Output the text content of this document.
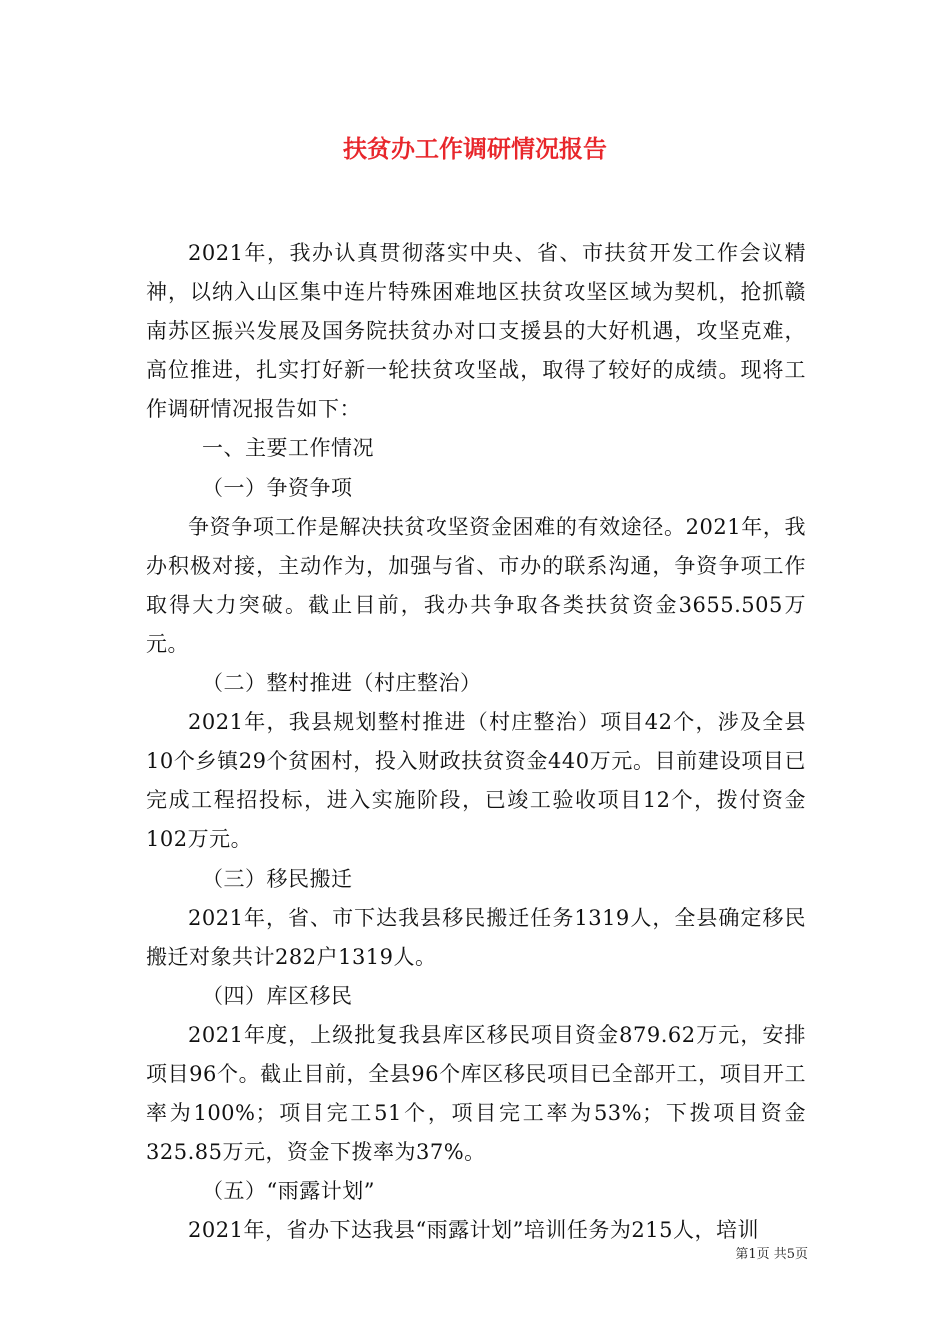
扶贫办工作调研情况报告

2021年，我办认真贯彻落实中央、省、市扶贫开发工作会议精神，以纳入山区集中连片特殊困难地区扶贫攻坚区域为契机，抢抓赣南苏区振兴发展及国务院扶贫办对口支援县的大好机遇，攻坚克难，高位推进，扎实打好新一轮扶贫攻坚战，取得了较好的成绩。现将工作调研情况报告如下：

一、主要工作情况

（一）争资争项

争资争项工作是解决扶贫攻坚资金困难的有效途径。2021年，我办积极对接，主动作为，加强与省、市办的联系沟通，争资争项工作取得大力突破。截止目前，我办共争取各类扶贫资金3655.505万元。

（二）整村推进（村庄整治）

2021年，我县规划整村推进（村庄整治）项目42个，涉及全县10个乡镇29个贫困村，投入财政扶贫资金440万元。目前建设项目已完成工程招投标，进入实施阶段，已竣工验收项目12个，拨付资金102万元。

（三）移民搬迁

2021年，省、市下达我县移民搬迁任务1319人，全县确定移民搬迁对象共计282户1319人。

（四）库区移民

2021年度，上级批复我县库区移民项目资金879.62万元，安排项目96个。截止目前，全县96个库区移民项目已全部开工，项目开工率为100%；项目完工51个，项目完工率为53%；下拨项目资金325.85万元，资金下拨率为37%。

（五）“雨露计划”

2021年，省办下达我县“雨露计划”培训任务为215人，培训

第1页 共5页
